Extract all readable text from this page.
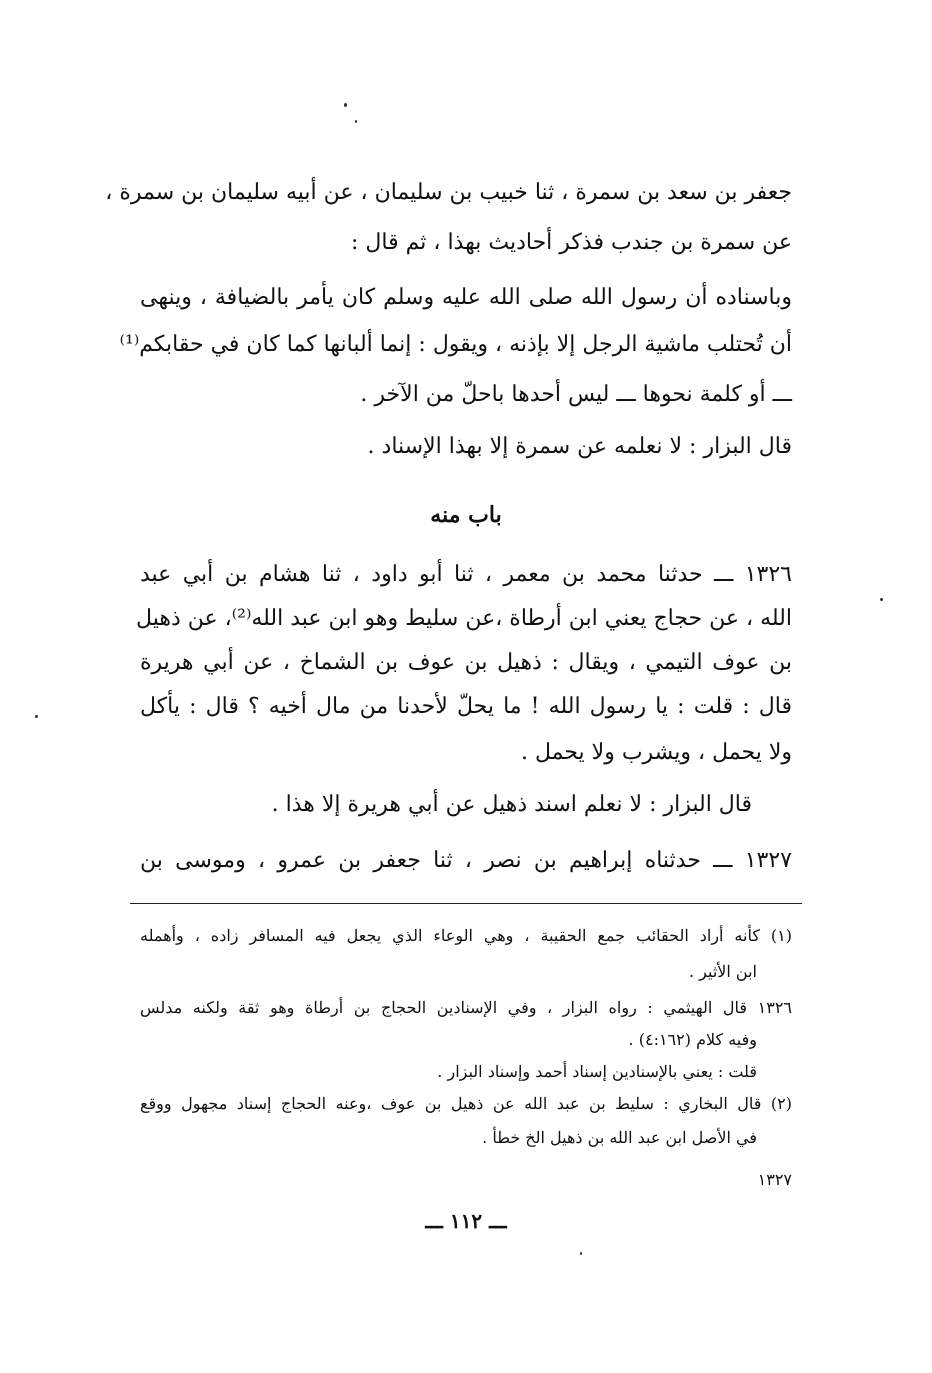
جعفر بن سعد بن سمرة ، ثنا خبيب بن سليمان ، عن أبيه سليمان بن سمرة ،
عن سمرة بن جندب فذكر أحاديث بهذا ، ثم قال :
وباسناده أن رسول الله صلى الله عليه وسلم كان يأمر بالضيافة ، وينهى
أن تُحتلب ماشية الرجل إلا بإذنه ، ويقول : إنما ألبانها كما كان في حقابكم⁽¹⁾
ـــ أو كلمة نحوها ـــ ليس أحدها باحلّ من الآخر .
قال البزار : لا نعلمه عن سمرة إلا بهذا الإسناد .
باب منه
١٣٢٦ ـــ حدثنا محمد بن معمر ، ثنا أبو داود ، ثنا هشام بن أبي عبد
الله ، عن حجاج يعني ابن أرطاة ،عن سليط وهو ابن عبد الله⁽²⁾، عن ذهيل
بن عوف التيمي ، ويقال : ذهيل بن عوف بن الشماخ ، عن أبي هريرة
قال : قلت : يا رسول الله ! ما يحلّ لأحدنا من مال أخيه ؟ قال : يأكل
ولا يحمل ، ويشرب ولا يحمل .
قال البزار : لا نعلم اسند ذهيل عن أبي هريرة إلا هذا .
١٣٢٧ ـــ حدثناه إبراهيم بن نصر ، ثنا جعفر بن عمرو ، وموسى بن
(١) كأنه أراد الحقائب جمع الحقيبة ، وهي الوعاء الذي يجعل فيه المسافر زاده ، وأهمله
ابن الأثير .
١٣٢٦ قال الهيثمي : رواه البزار ، وفي الإسنادين الحجاج بن أرطاة وهو ثقة ولكنه مدلس
وفيه كلام (٤:١٦٢) .
قلت : يعني بالإسنادين إسناد أحمد وإسناد البزار .
(٢) قال البخاري : سليط بن عبد الله عن ذهيل بن عوف ،وعنه الحجاج إسناد مجهول ووقع
في الأصل ابن عبد الله بن ذهيل الخ خطأ .
١٣٢٧
ـــ ١١٢ ـــ
